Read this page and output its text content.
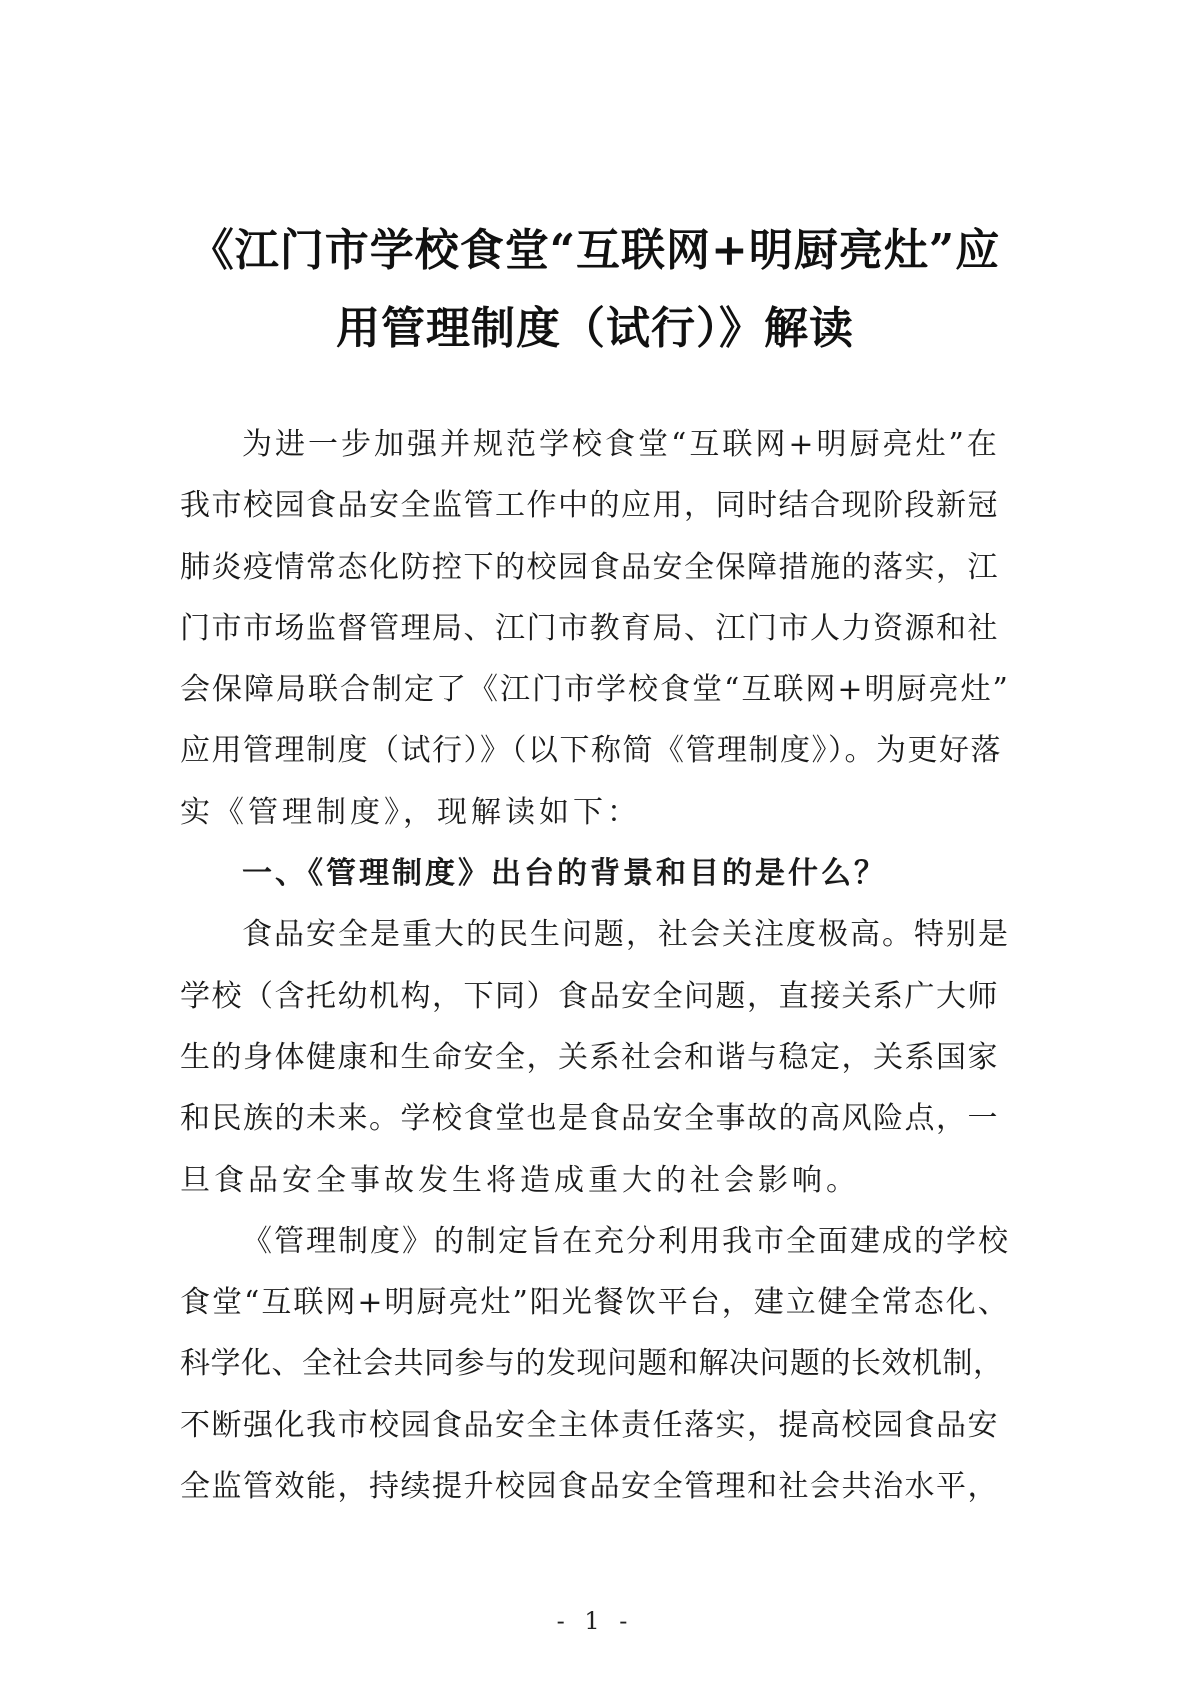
《江门市学校食堂“互联网+明厨亮灶”应
用管理制度（试行）》解读
为进一步加强并规范学校食堂“互联网+明厨亮灶”在
我市校园食品安全监管工作中的应用，同时结合现阶段新冠
肺炎疫情常态化防控下的校园食品安全保障措施的落实，江
门市市场监督管理局、江门市教育局、江门市人力资源和社
会保障局联合制定了《江门市学校食堂“互联网+明厨亮灶”
应用管理制度（试行）》（以下称简《管理制度》）。为更好落
实《管理制度》，现解读如下：
一、《管理制度》出台的背景和目的是什么？
食品安全是重大的民生问题，社会关注度极高。特别是
学校（含托幼机构，下同）食品安全问题，直接关系广大师
生的身体健康和生命安全，关系社会和谐与稳定，关系国家
和民族的未来。学校食堂也是食品安全事故的高风险点，一
旦食品安全事故发生将造成重大的社会影响。
《管理制度》的制定旨在充分利用我市全面建成的学校
食堂“互联网+明厨亮灶”阳光餐饮平台，建立健全常态化、
科学化、全社会共同参与的发现问题和解决问题的长效机制，
不断强化我市校园食品安全主体责任落实，提高校园食品安
全监管效能，持续提升校园食品安全管理和社会共治水平，
- 1 -
